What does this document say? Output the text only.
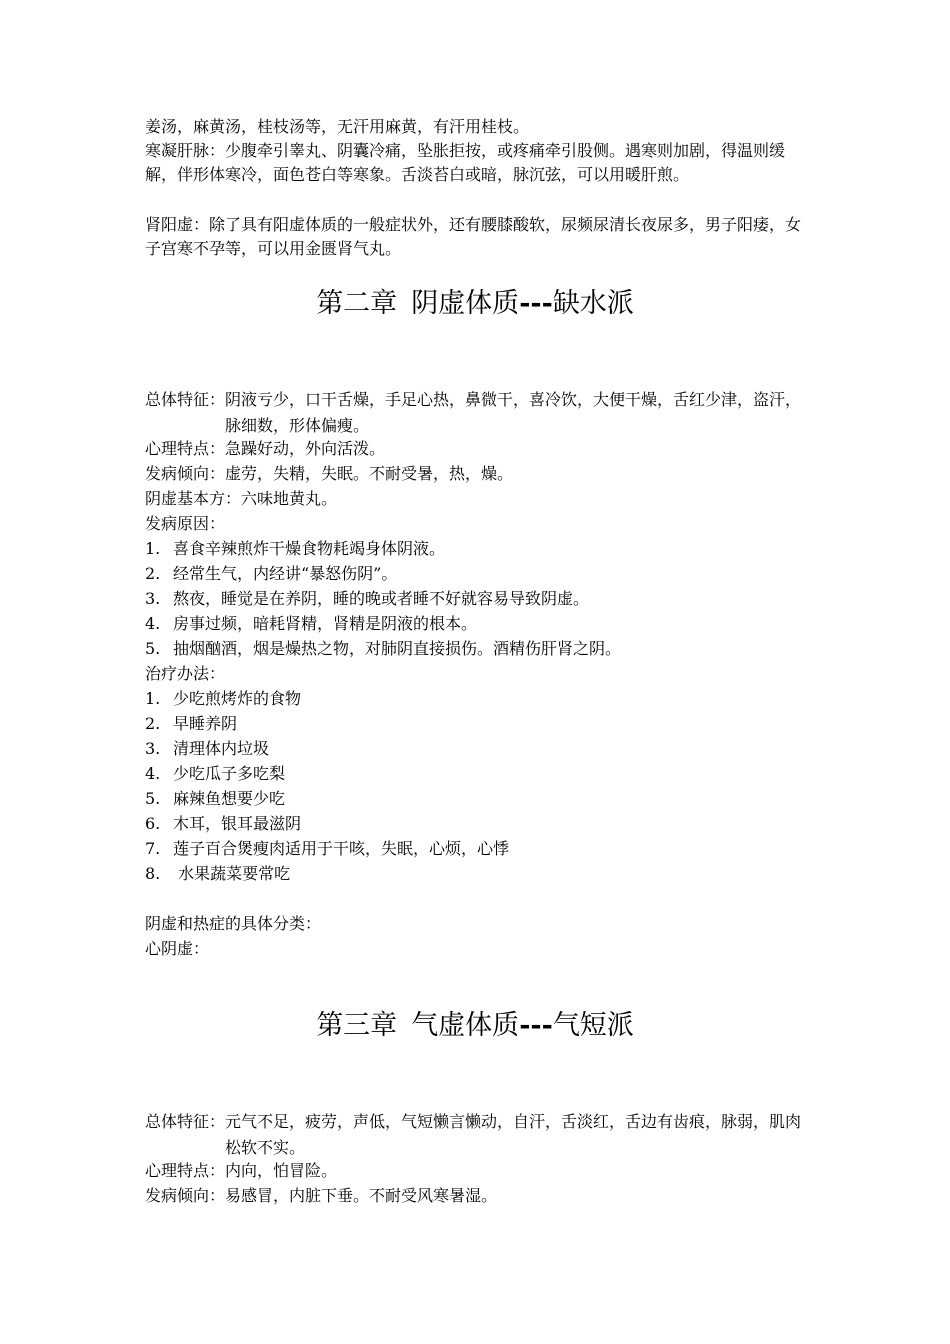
姜汤，麻黄汤，桂枝汤等，无汗用麻黄，有汗用桂枝。
寒凝肝脉：少腹牵引睾丸、阴囊冷痛，坠胀拒按，或疼痛牵引股侧。遇寒则加剧，得温则缓解，伴形体寒冷，面色苍白等寒象。舌淡苔白或暗，脉沉弦，可以用暖肝煎。
肾阳虚：除了具有阳虚体质的一般症状外，还有腰膝酸软，尿频尿清长夜尿多，男子阳痿，女子宫寒不孕等，可以用金匮肾气丸。
第二章 阴虚体质---缺水派
总体特征： 阴液亏少，口干舌燥，手足心热，鼻微干，喜冷饮，大便干燥，舌红少津，盗汗，脉细数，形体偏瘦。
心理特点：急躁好动，外向活泼。
发病倾向：虚劳，失精，失眠。不耐受暑，热，燥。
阴虚基本方：六味地黄丸。
发病原因：
1. 喜食辛辣煎炸干燥食物耗竭身体阴液。
2. 经常生气，内经讲“暴怒伤阴”。
3. 熬夜，睡觉是在养阴，睡的晚或者睡不好就容易导致阴虚。
4. 房事过频，暗耗肾精，肾精是阴液的根本。
5. 抽烟酗酒，烟是燥热之物，对肺阴直接损伤。酒精伤肝肾之阴。
治疗办法：
1. 少吃煎烤炸的食物
2. 早睡养阴
3. 清理体内垃圾
4. 少吃瓜子多吃梨
5. 麻辣鱼想要少吃
6. 木耳，银耳最滋阴
7. 莲子百合煲瘦肉适用于干咳，失眠，心烦，心悸
8. 水果蔬菜要常吃
阴虚和热症的具体分类：
心阴虚：
第三章 气虚体质---气短派
总体特征： 元气不足，疲劳，声低，气短懒言懒动，自汗，舌淡红，舌边有齿痕，脉弱，肌肉松软不实。
心理特点：内向，怕冒险。
发病倾向：易感冒，内脏下垂。不耐受风寒暑湿。
